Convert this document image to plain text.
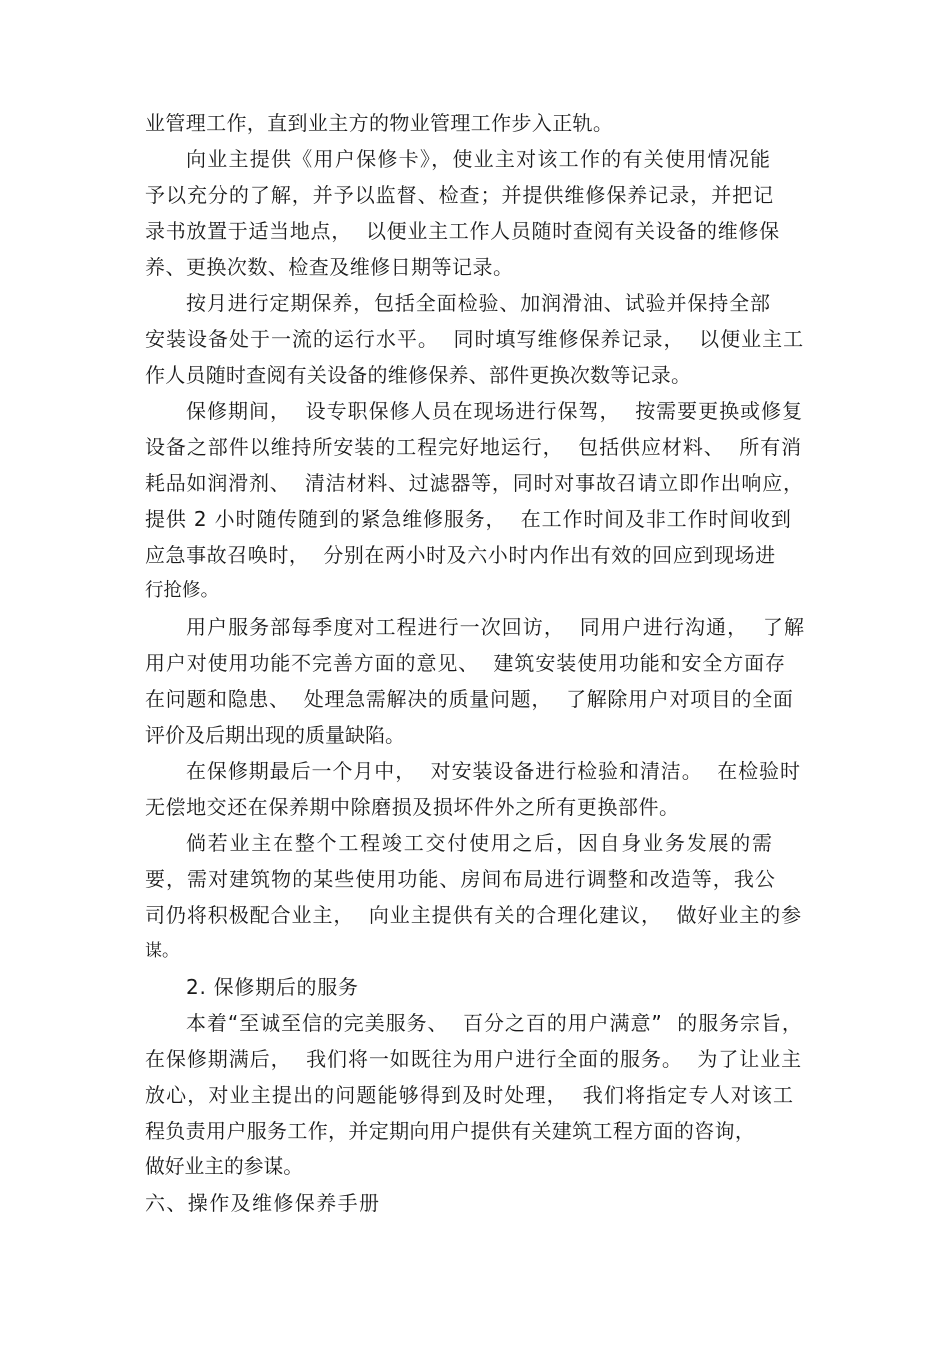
业管理工作，直到业主方的物业管理工作步入正轨。
向业主提供《用户保修卡》，使业主对该工作的有关使用情况能
予以充分的了解，并予以监督、检查；并提供维修保养记录，并把记
录书放置于适当地点，  以便业主工作人员随时查阅有关设备的维修保
养、更换次数、检查及维修日期等记录。
按月进行定期保养，包括全面检验、加润滑油、试验并保持全部
安装设备处于一流的运行水平。  同时填写维修保养记录，  以便业主工
作人员随时查阅有关设备的维修保养、部件更换次数等记录。
保修期间，  设专职保修人员在现场进行保驾，  按需要更换或修复
设备之部件以维持所安装的工程完好地运行，  包括供应材料、  所有消
耗品如润滑剂、  清洁材料、过滤器等，同时对事故召请立即作出响应，
提供 2 小时随传随到的紧急维修服务，  在工作时间及非工作时间收到
应急事故召唤时，  分别在两小时及六小时内作出有效的回应到现场进
行抢修。
用户服务部每季度对工程进行一次回访，  同用户进行沟通，  了解
用户对使用功能不完善方面的意见、  建筑安装使用功能和安全方面存
在问题和隐患、  处理急需解决的质量问题，  了解除用户对项目的全面
评价及后期出现的质量缺陷。
在保修期最后一个月中，  对安装设备进行检验和清洁。  在检验时
无偿地交还在保养期中除磨损及损坏件外之所有更换部件。
倘若业主在整个工程竣工交付使用之后，因自身业务发展的需
要，需对建筑物的某些使用功能、房间布局进行调整和改造等，我公
司仍将积极配合业主，  向业主提供有关的合理化建议，  做好业主的参
谋。
2. 保修期后的服务
本着“至诚至信的完美服务、  百分之百的用户满意”  的服务宗旨，
在保修期满后，  我们将一如既往为用户进行全面的服务。  为了让业主
放心，对业主提出的问题能够得到及时处理，  我们将指定专人对该工
程负责用户服务工作，并定期向用户提供有关建筑工程方面的咨询，
做好业主的参谋。
六、操作及维修保养手册
